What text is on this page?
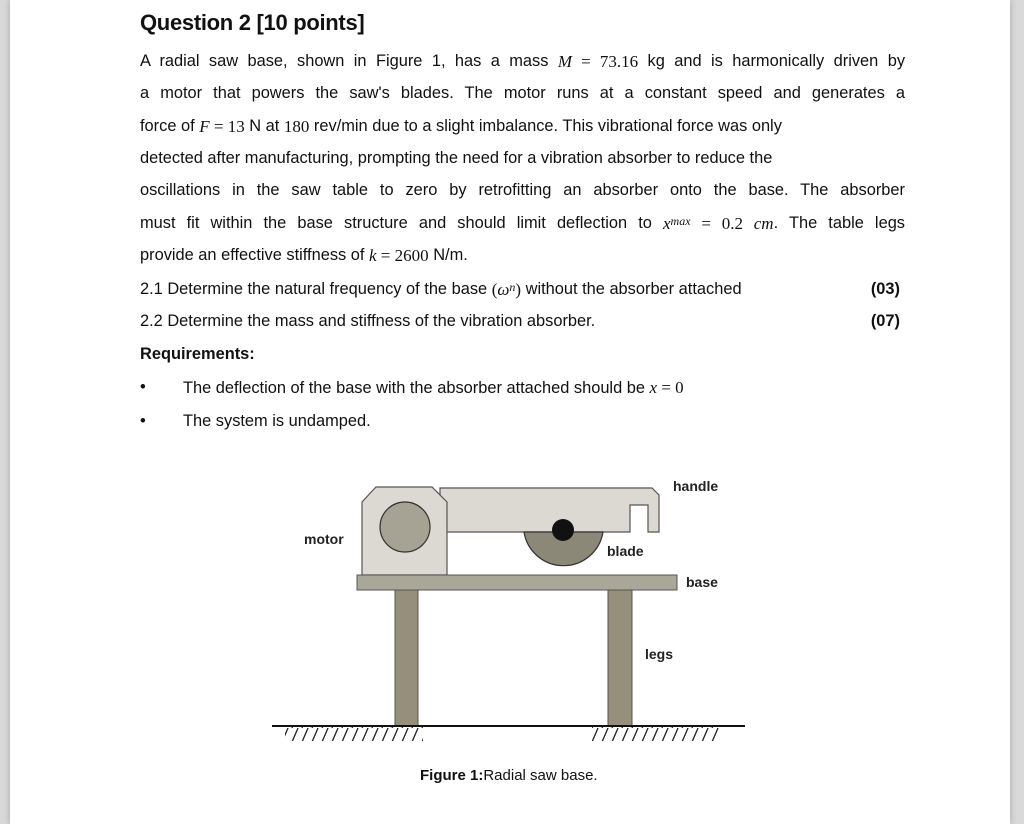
Question 2 [10 points]
A radial saw base, shown in Figure 1, has a mass M = 73.16 kg and is harmonically driven by
a motor that powers the saw's blades. The motor runs at a constant speed and generates a
force of F = 13 N at 180 rev/min due to a slight imbalance. This vibrational force was only
detected after manufacturing, prompting the need for a vibration absorber to reduce the
oscillations in the saw table to zero by retrofitting an absorber onto the base. The absorber
must fit within the base structure and should limit deflection to x max = 0.2 cm . The table legs
provide an effective stiffness of k = 2600 N/m.
2.1 Determine the natural frequency of the base ( ω n ) without the absorber attached	(03)
2.2 Determine the mass and stiffness of the vibration absorber.	(07)
Requirements:
• The deflection of the base with the absorber attached should be x = 0
• The system is undamped.
handle
motor
blade
base
legs
Figure 1:Radial saw base.
